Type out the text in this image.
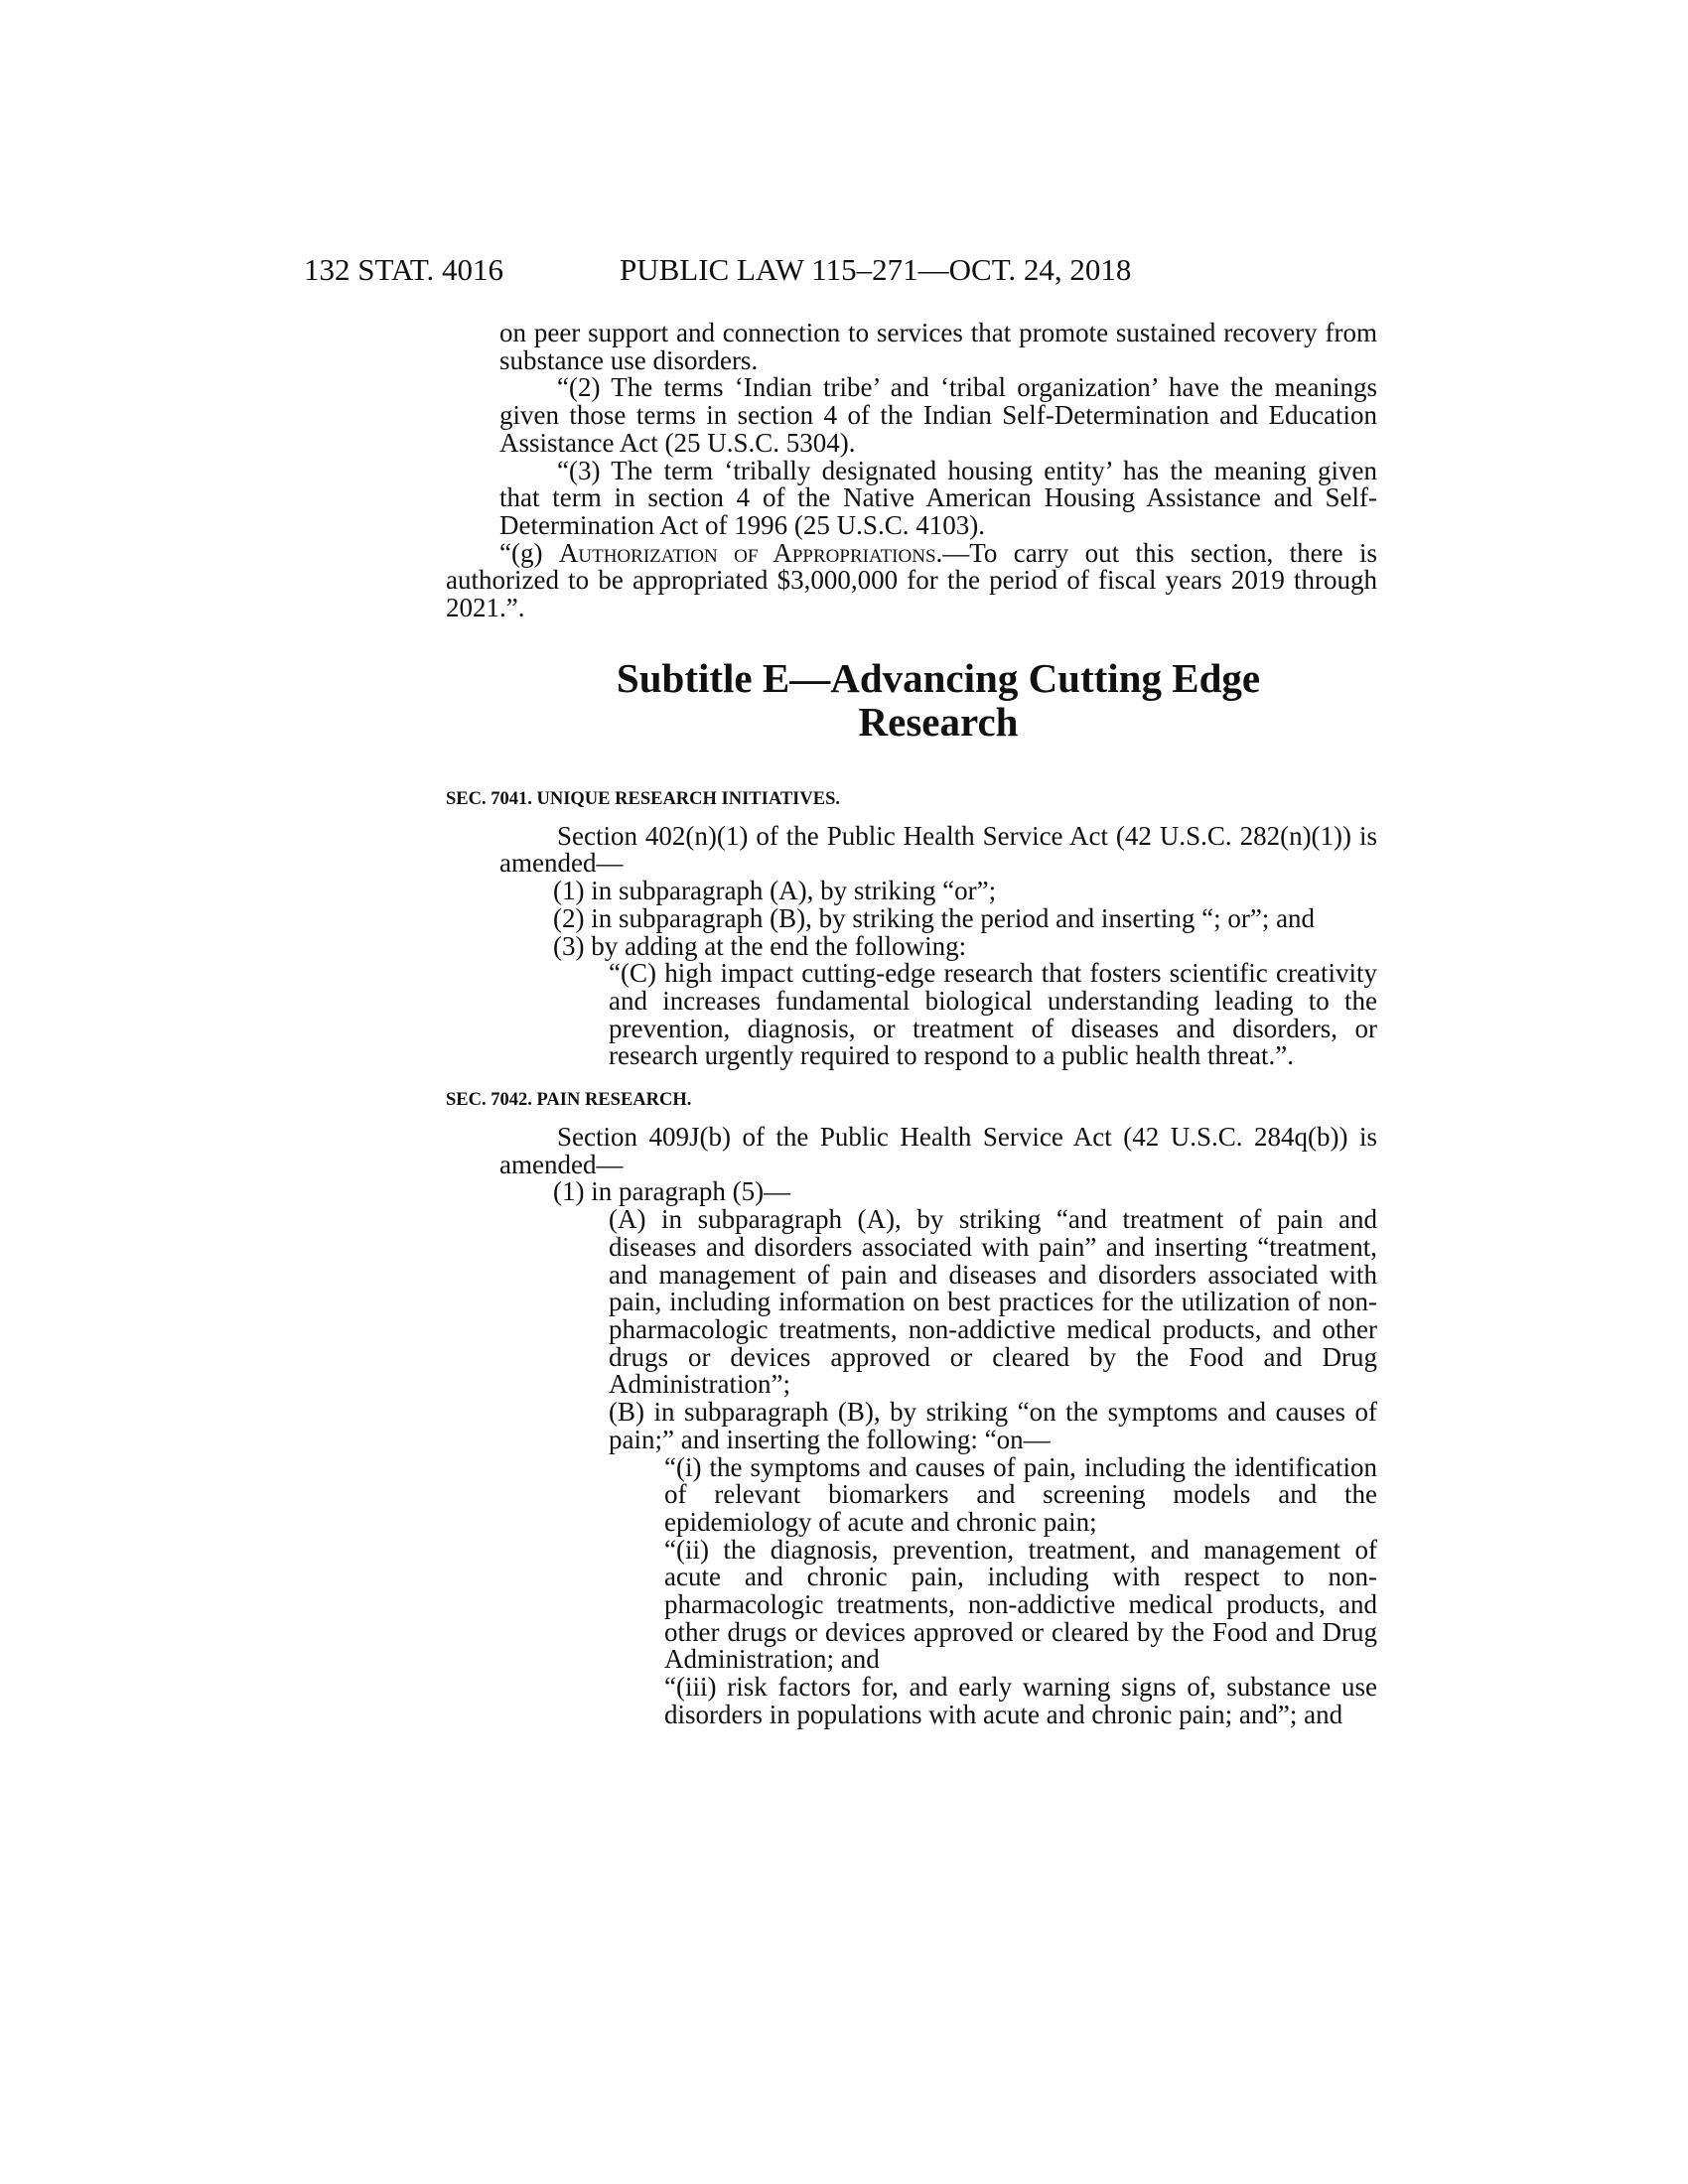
132 STAT. 4016	PUBLIC LAW 115–271—OCT. 24, 2018

on peer support and connection to services that promote sustained recovery from substance use disorders.

“(2) The terms ‘Indian tribe’ and ‘tribal organization’ have the meanings given those terms in section 4 of the Indian Self-Determination and Education Assistance Act (25 U.S.C. 5304).

“(3) The term ‘tribally designated housing entity’ has the meaning given that term in section 4 of the Native American Housing Assistance and Self-Determination Act of 1996 (25 U.S.C. 4103).

“(g) Authorization of Appropriations.—To carry out this section, there is authorized to be appropriated $3,000,000 for the period of fiscal years 2019 through 2021.”.

Subtitle E—Advancing Cutting Edge
Research

SEC. 7041. UNIQUE RESEARCH INITIATIVES.

Section 402(n)(1) of the Public Health Service Act (42 U.S.C. 282(n)(1)) is amended—

(1) in subparagraph (A), by striking “or”;

(2) in subparagraph (B), by striking the period and inserting “; or”; and

(3) by adding at the end the following:

“(C) high impact cutting-edge research that fosters scientific creativity and increases fundamental biological understanding leading to the prevention, diagnosis, or treatment of diseases and disorders, or research urgently required to respond to a public health threat.”.

SEC. 7042. PAIN RESEARCH.

Section 409J(b) of the Public Health Service Act (42 U.S.C. 284q(b)) is amended—

(1) in paragraph (5)—

(A) in subparagraph (A), by striking “and treatment of pain and diseases and disorders associated with pain” and inserting “treatment, and management of pain and diseases and disorders associated with pain, including information on best practices for the utilization of non-pharmacologic treatments, non-addictive medical products, and other drugs or devices approved or cleared by the Food and Drug Administration”;

(B) in subparagraph (B), by striking “on the symptoms and causes of pain;” and inserting the following: “on—

“(i) the symptoms and causes of pain, including the identification of relevant biomarkers and screening models and the epidemiology of acute and chronic pain;

“(ii) the diagnosis, prevention, treatment, and management of acute and chronic pain, including with respect to non-pharmacologic treatments, non-addictive medical products, and other drugs or devices approved or cleared by the Food and Drug Administration; and

“(iii) risk factors for, and early warning signs of, substance use disorders in populations with acute and chronic pain; and”; and
